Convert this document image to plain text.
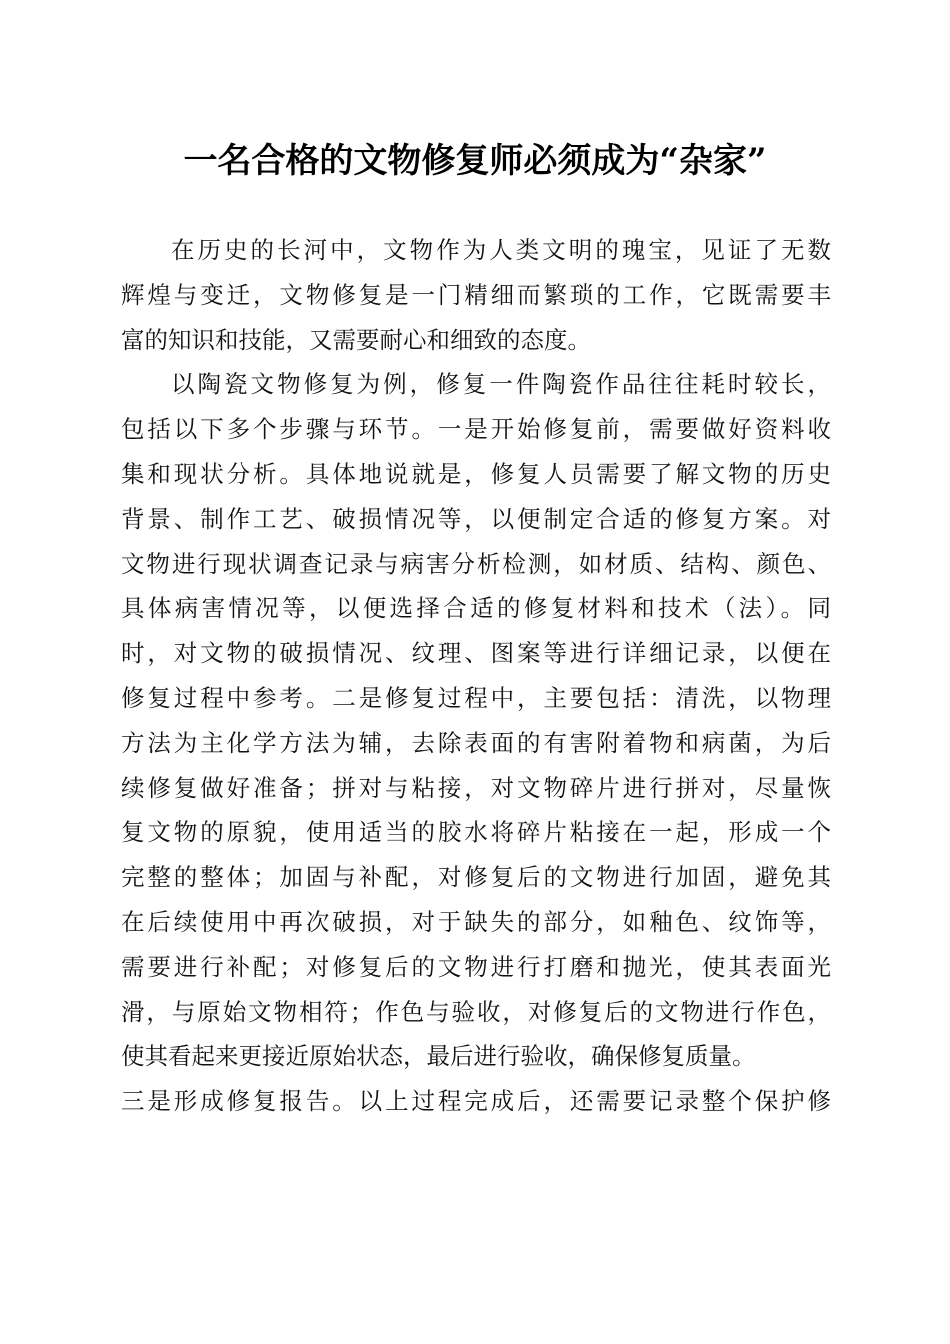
一名合格的文物修复师必须成为“杂家”
在历史的长河中，文物作为人类文明的瑰宝，见证了无数
辉煌与变迁，文物修复是一门精细而繁琐的工作，它既需要丰
富的知识和技能，又需要耐心和细致的态度。
以陶瓷文物修复为例，修复一件陶瓷作品往往耗时较长，
包括以下多个步骤与环节。一是开始修复前，需要做好资料收
集和现状分析。具体地说就是，修复人员需要了解文物的历史
背景、制作工艺、破损情况等，以便制定合适的修复方案。对
文物进行现状调查记录与病害分析检测，如材质、结构、颜色、
具体病害情况等，以便选择合适的修复材料和技术（法）。同
时，对文物的破损情况、纹理、图案等进行详细记录，以便在
修复过程中参考。二是修复过程中，主要包括：清洗，以物理
方法为主化学方法为辅，去除表面的有害附着物和病菌，为后
续修复做好准备；拼对与粘接，对文物碎片进行拼对，尽量恢
复文物的原貌，使用适当的胶水将碎片粘接在一起，形成一个
完整的整体；加固与补配，对修复后的文物进行加固，避免其
在后续使用中再次破损，对于缺失的部分，如釉色、纹饰等，
需要进行补配；对修复后的文物进行打磨和抛光，使其表面光
滑，与原始文物相符；作色与验收，对修复后的文物进行作色，
使其看起来更接近原始状态，最后进行验收，确保修复质量。
三是形成修复报告。以上过程完成后，还需要记录整个保护修
